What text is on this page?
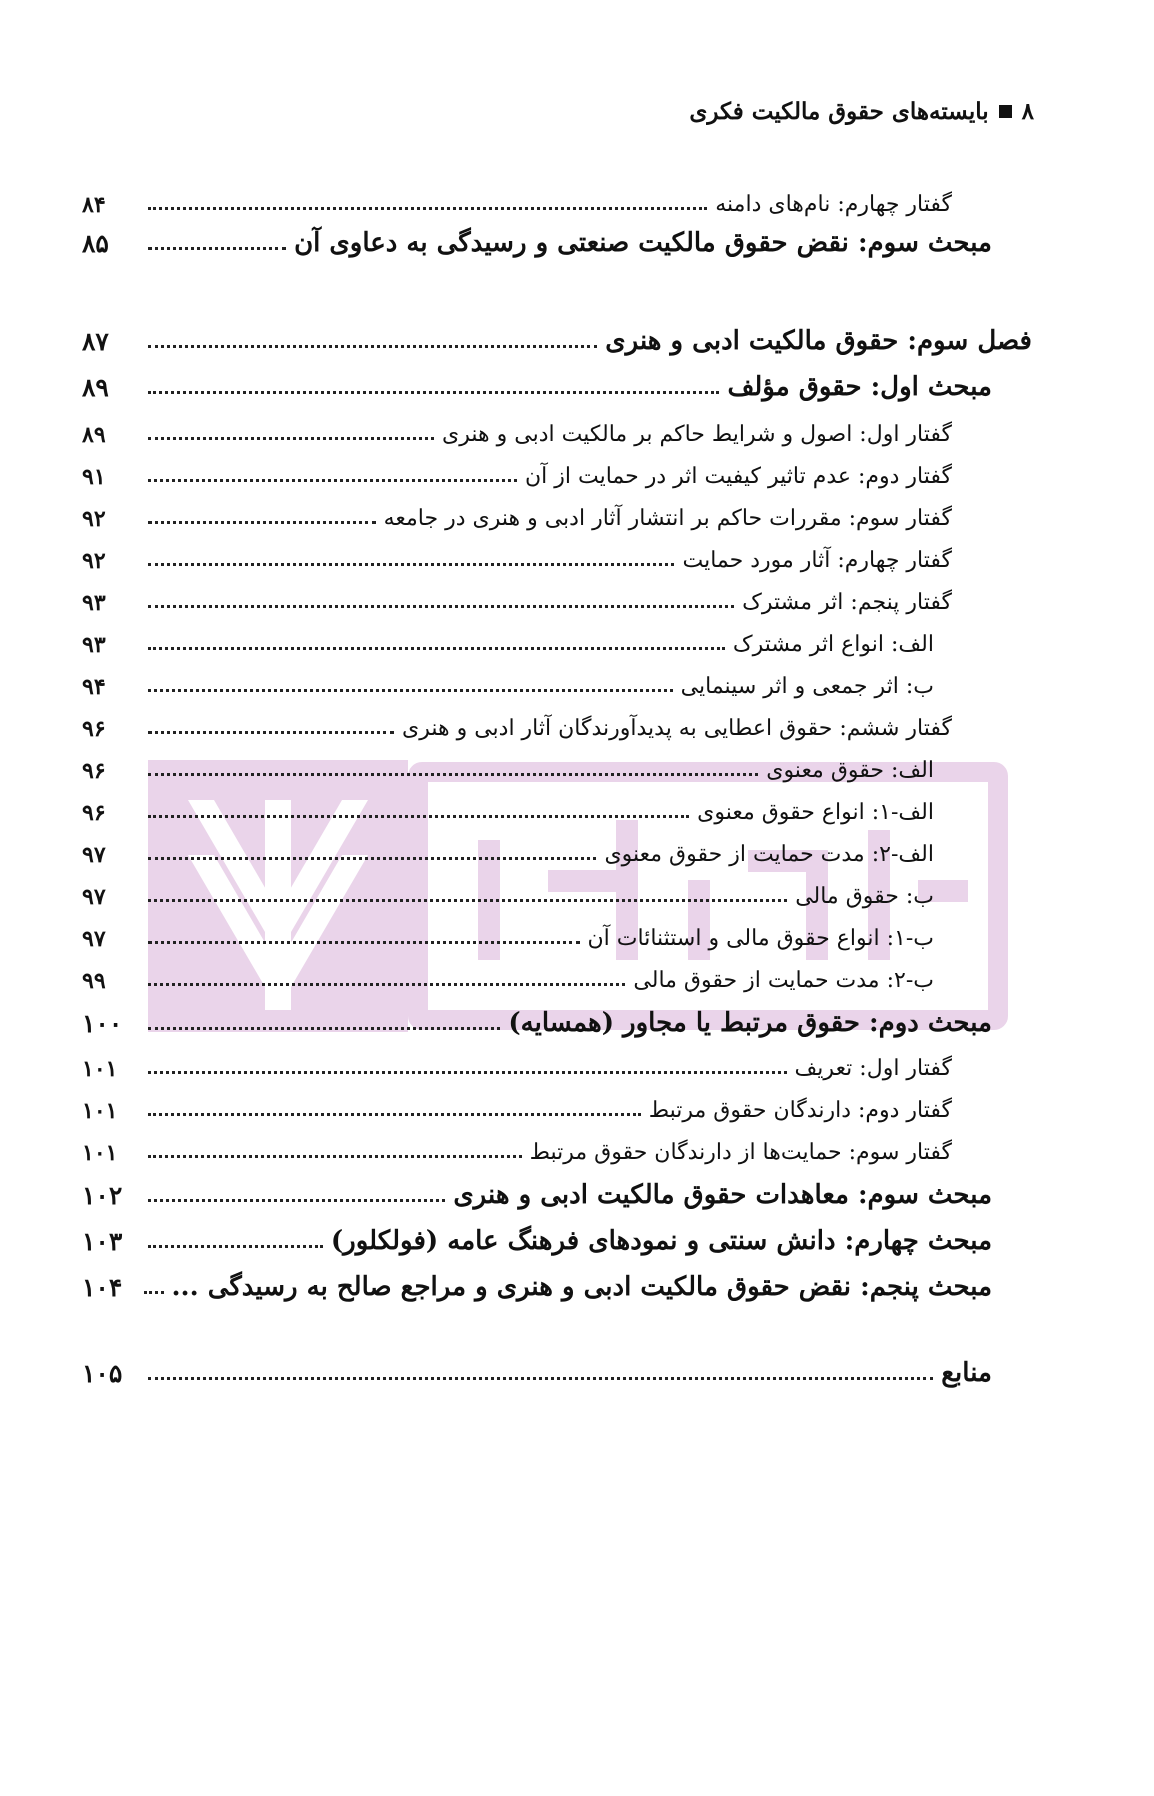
۸
بایسته‌های حقوق مالکیت فکری
گفتار چهارم: نام‌های دامنه
۸۴
مبحث سوم: نقض حقوق مالکیت صنعتی و رسیدگی به دعاوی آن
۸۵
فصل سوم: حقوق مالکیت ادبی و هنری
۸۷
مبحث اول: حقوق مؤلف
۸۹
گفتار اول: اصول و شرایط حاکم بر مالکیت ادبی و هنری
۸۹
گفتار دوم: عدم تاثیر کیفیت اثر در حمایت از آن
۹۱
گفتار سوم: مقررات حاکم بر انتشار آثار ادبی و هنری در جامعه
۹۲
گفتار چهارم: آثار مورد حمایت
۹۲
گفتار پنجم: اثر مشترک
۹۳
الف: انواع اثر مشترک
۹۳
ب: اثر جمعی و اثر سینمایی
۹۴
گفتار ششم: حقوق اعطایی به پدیدآورندگان آثار ادبی و هنری
۹۶
الف: حقوق معنوی
۹۶
الف-۱: انواع حقوق معنوی
۹۶
الف-۲: مدت حمایت از حقوق معنوی
۹۷
ب: حقوق مالی
۹۷
ب-۱: انواع حقوق مالی و استثنائات آن
۹۷
ب-۲: مدت حمایت از حقوق مالی
۹۹
مبحث دوم: حقوق مرتبط یا مجاور (همسایه)
۱۰۰
گفتار اول: تعریف
۱۰۱
گفتار دوم: دارندگان حقوق مرتبط
۱۰۱
گفتار سوم: حمایت‌ها از دارندگان حقوق مرتبط
۱۰۱
مبحث سوم: معاهدات حقوق مالکیت ادبی و هنری
۱۰۲
مبحث چهارم: دانش سنتی و نمودهای فرهنگ عامه (فولکلور)
۱۰۳
مبحث پنجم: نقض حقوق مالکیت ادبی و هنری و مراجع صالح به رسیدگی ...
۱۰۴
منابع
۱۰۵
